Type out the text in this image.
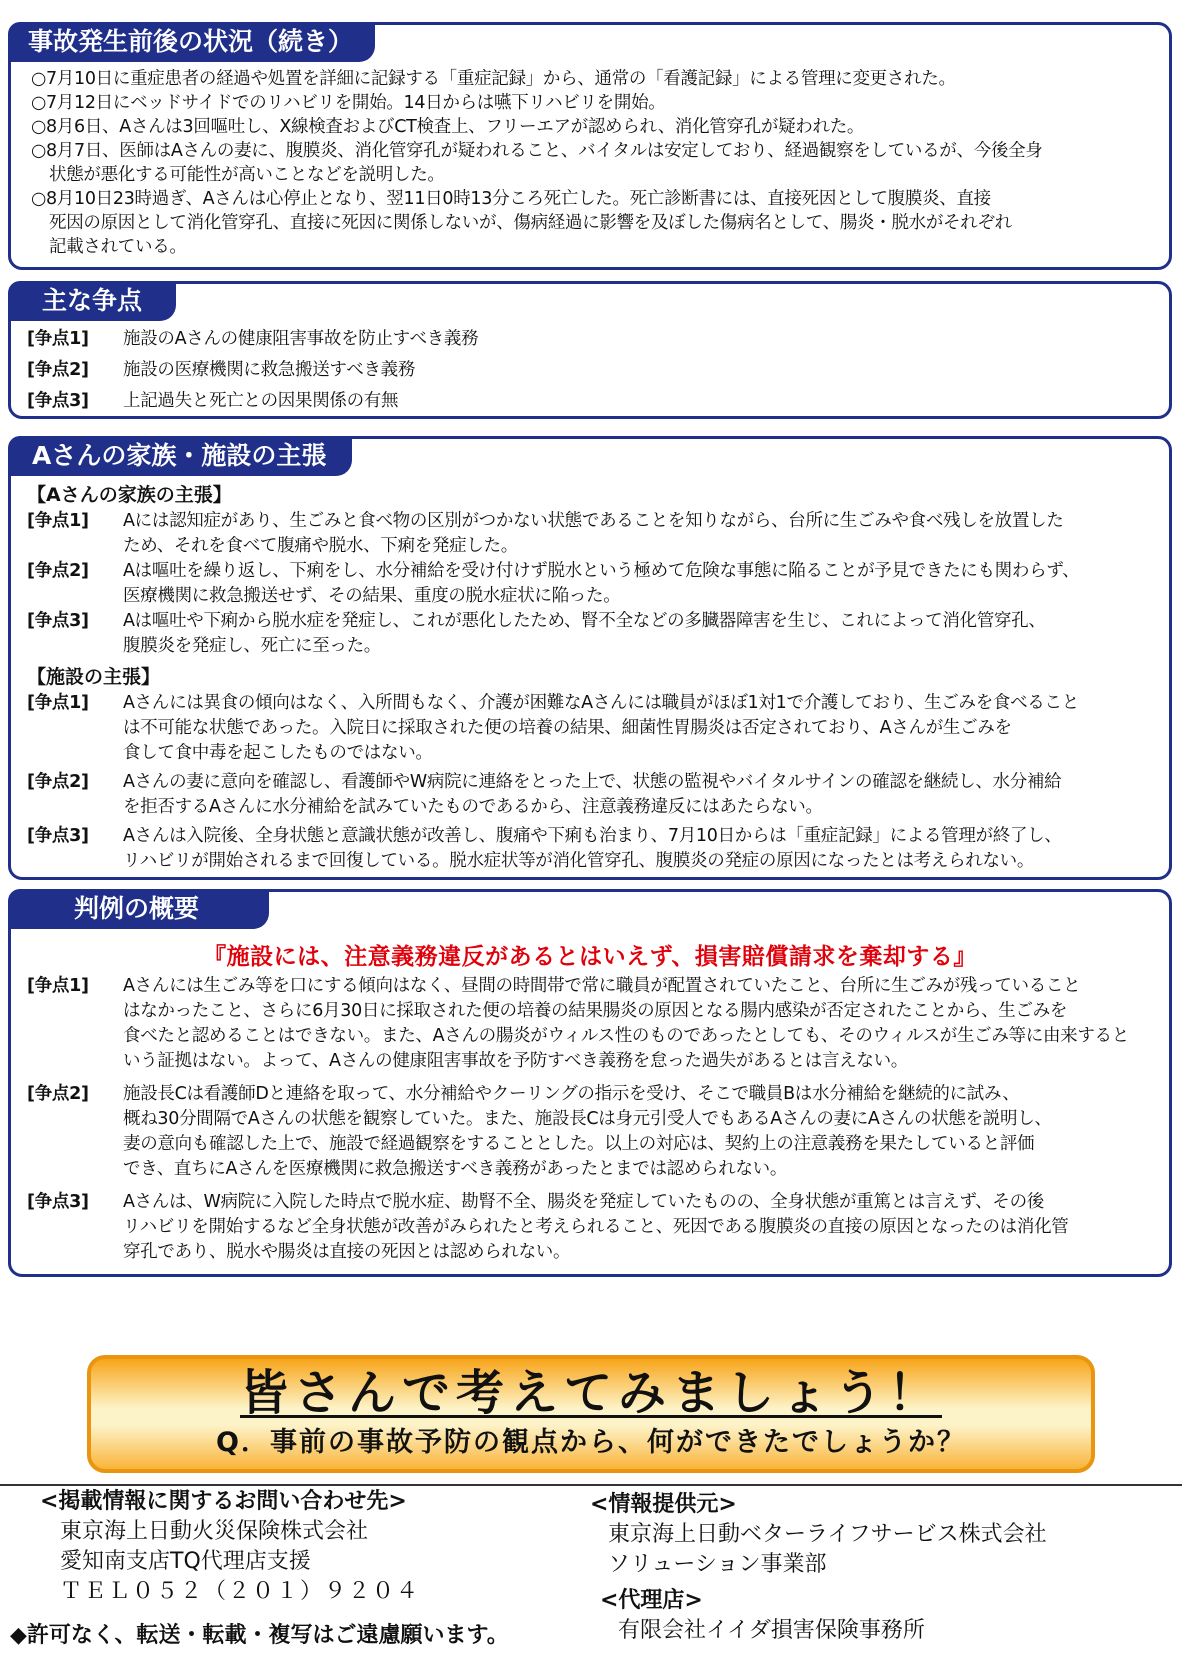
事故発生前後の状況（続き）
○7月10日に重症患者の経過や処置を詳細に記録する「重症記録」から、通常の「看護記録」による管理に変更された。
○7月12日にベッドサイドでのリハビリを開始。14日からは嚥下リハビリを開始。
○8月6日、Aさんは3回嘔吐し、X線検査およびCT検査上、フリーエアが認められ、消化管穿孔が疑われた。
○8月7日、医師はAさんの妻に、腹膜炎、消化管穿孔が疑われること、バイタルは安定しており、経過観察をしているが、今後全身
状態が悪化する可能性が高いことなどを説明した。
○8月10日23時過ぎ、Aさんは心停止となり、翌11日0時13分ころ死亡した。死亡診断書には、直接死因として腹膜炎、直接
死因の原因として消化管穿孔、直接に死因に関係しないが、傷病経過に影響を及ぼした傷病名として、腸炎・脱水がそれぞれ
記載されている。
主な争点
[争点1]	施設のAさんの健康阻害事故を防止すべき義務
[争点2]	施設の医療機関に救急搬送すべき義務
[争点3]	上記過失と死亡との因果関係の有無
Aさんの家族・施設の主張
【Aさんの家族の主張】
[争点1]	Aには認知症があり、生ごみと食べ物の区別がつかない状態であることを知りながら、台所に生ごみや食べ残しを放置した
ため、それを食べて腹痛や脱水、下痢を発症した。
[争点2]	Aは嘔吐を繰り返し、下痢をし、水分補給を受け付けず脱水という極めて危険な事態に陥ることが予見できたにも関わらず、
医療機関に救急搬送せず、その結果、重度の脱水症状に陥った。
[争点3]	Aは嘔吐や下痢から脱水症を発症し、これが悪化したため、腎不全などの多臓器障害を生じ、これによって消化管穿孔、
腹膜炎を発症し、死亡に至った。
【施設の主張】
[争点1]	Aさんには異食の傾向はなく、入所間もなく、介護が困難なAさんには職員がほぼ1対1で介護しており、生ごみを食べること
は不可能な状態であった。入院日に採取された便の培養の結果、細菌性胃腸炎は否定されており、Aさんが生ごみを
食して食中毒を起こしたものではない。
[争点2]	Aさんの妻に意向を確認し、看護師やW病院に連絡をとった上で、状態の監視やバイタルサインの確認を継続し、水分補給
を拒否するAさんに水分補給を試みていたものであるから、注意義務違反にはあたらない。
[争点3]	Aさんは入院後、全身状態と意識状態が改善し、腹痛や下痢も治まり、7月10日からは「重症記録」による管理が終了し、
リハビリが開始されるまで回復している。脱水症状等が消化管穿孔、腹膜炎の発症の原因になったとは考えられない。
判例の概要
『施設には、注意義務違反があるとはいえず、損害賠償請求を棄却する』
[争点1]	Aさんには生ごみ等を口にする傾向はなく、昼間の時間帯で常に職員が配置されていたこと、台所に生ごみが残っていること
はなかったこと、さらに6月30日に採取された便の培養の結果腸炎の原因となる腸内感染が否定されたことから、生ごみを
食べたと認めることはできない。また、Aさんの腸炎がウィルス性のものであったとしても、そのウィルスが生ごみ等に由来すると
いう証拠はない。よって、Aさんの健康阻害事故を予防すべき義務を怠った過失があるとは言えない。
[争点2]	施設長Cは看護師Dと連絡を取って、水分補給やクーリングの指示を受け、そこで職員Bは水分補給を継続的に試み、
概ね30分間隔でAさんの状態を観察していた。また、施設長Cは身元引受人でもあるAさんの妻にAさんの状態を説明し、
妻の意向も確認した上で、施設で経過観察をすることとした。以上の対応は、契約上の注意義務を果たしていると評価
でき、直ちにAさんを医療機関に救急搬送すべき義務があったとまでは認められない。
[争点3]	Aさんは、W病院に入院した時点で脱水症、勘腎不全、腸炎を発症していたものの、全身状態が重篤とは言えず、その後
リハビリを開始するなど全身状態が改善がみられたと考えられること、死因である腹膜炎の直接の原因となったのは消化管
穿孔であり、脱水や腸炎は直接の死因とは認められない。
皆さんで考えてみましょう！
Q．事前の事故予防の観点から、何ができたでしょうか？
<掲載情報に関するお問い合わせ先>
東京海上日動火災保険株式会社
愛知南支店TQ代理店支援
ＴＥＬ０５２（２０１）９２０４
◆許可なく、転送・転載・複写はご遠慮願います。
<情報提供元>
東京海上日動ベターライフサービス株式会社
ソリューション事業部
<代理店>
有限会社イイダ損害保険事務所
